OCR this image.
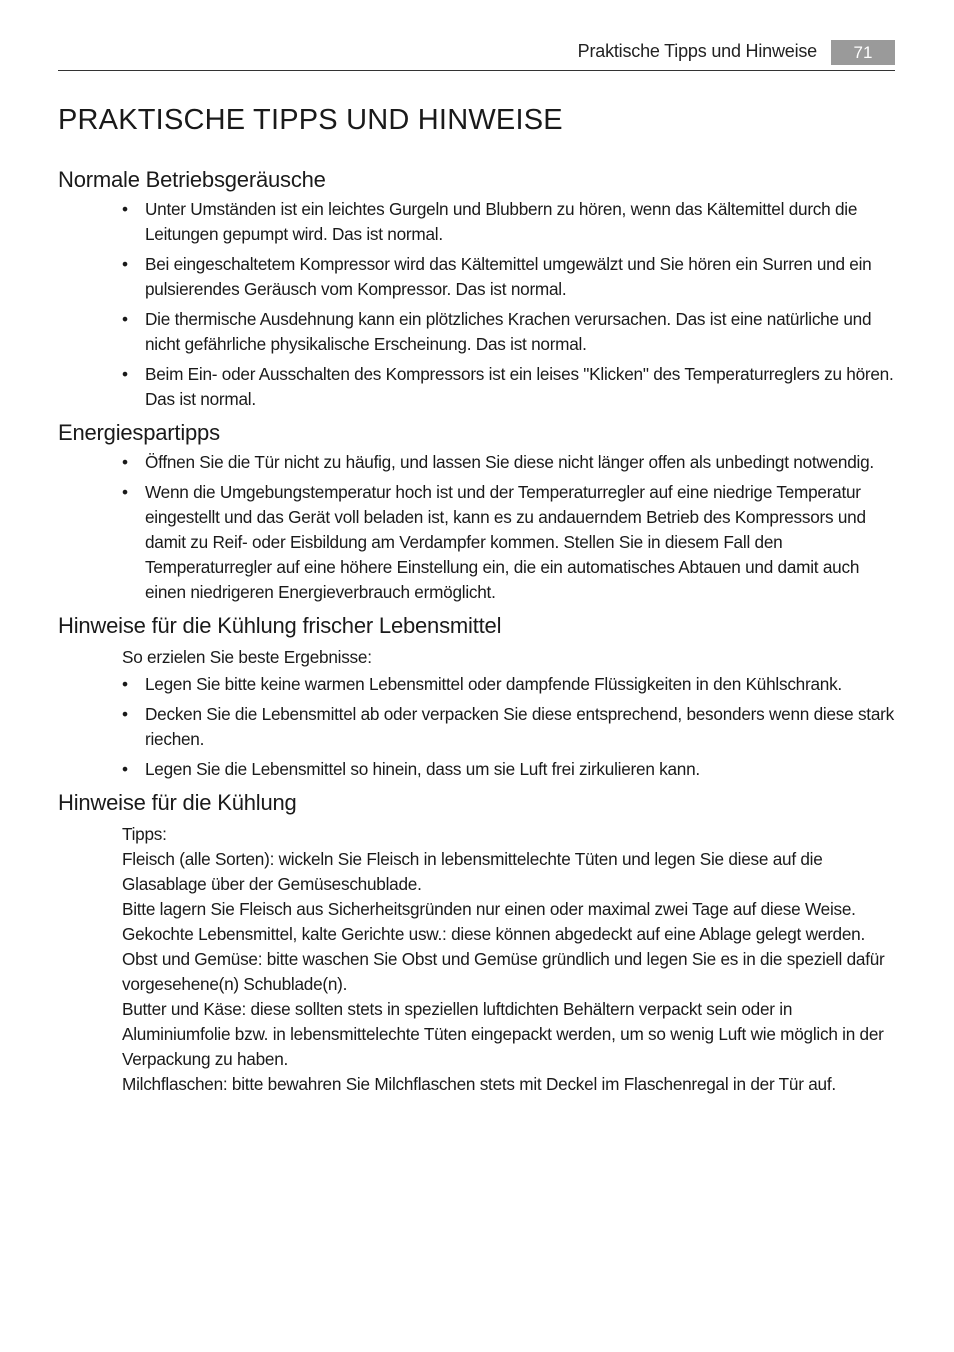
Praktische Tipps und Hinweise	71
PRAKTISCHE TIPPS UND HINWEISE
Normale Betriebsgeräusche
• Unter Umständen ist ein leichtes Gurgeln und Blubbern zu hören, wenn das Kältemittel durch die Leitungen gepumpt wird. Das ist normal.
• Bei eingeschaltetem Kompressor wird das Kältemittel umgewälzt und Sie hören ein Surren und ein pulsierendes Geräusch vom Kompressor. Das ist normal.
• Die thermische Ausdehnung kann ein plötzliches Krachen verursachen. Das ist eine natürliche und nicht gefährliche physikalische Erscheinung. Das ist normal.
• Beim Ein- oder Ausschalten des Kompressors ist ein leises "Klicken" des Temperaturreglers zu hören. Das ist normal.
Energiespartipps
• Öffnen Sie die Tür nicht zu häufig, und lassen Sie diese nicht länger offen als unbedingt notwendig.
• Wenn die Umgebungstemperatur hoch ist und der Temperaturregler auf eine niedrige Temperatur eingestellt und das Gerät voll beladen ist, kann es zu andauerndem Betrieb des Kompressors und damit zu Reif- oder Eisbildung am Verdampfer kommen. Stellen Sie in diesem Fall den Temperaturregler auf eine höhere Einstellung ein, die ein automatisches Abtauen und damit auch einen niedrigeren Energieverbrauch ermöglicht.
Hinweise für die Kühlung frischer Lebensmittel
So erzielen Sie beste Ergebnisse:
• Legen Sie bitte keine warmen Lebensmittel oder dampfende Flüssigkeiten in den Kühlschrank.
• Decken Sie die Lebensmittel ab oder verpacken Sie diese entsprechend, besonders wenn diese stark riechen.
• Legen Sie die Lebensmittel so hinein, dass um sie Luft frei zirkulieren kann.
Hinweise für die Kühlung

Tipps:

Fleisch (alle Sorten): wickeln Sie Fleisch in lebensmittelechte Tüten und legen Sie diese auf die Glasablage über der Gemüseschublade.

Bitte lagern Sie Fleisch aus Sicherheitsgründen nur einen oder maximal zwei Tage auf diese Weise.

Gekochte Lebensmittel, kalte Gerichte usw.: diese können abgedeckt auf eine Ablage gelegt werden.

Obst und Gemüse: bitte waschen Sie Obst und Gemüse gründlich und legen Sie es in die speziell dafür vorgesehene(n) Schublade(n).

Butter und Käse: diese sollten stets in speziellen luftdichten Behältern verpackt sein oder in Aluminiumfolie bzw. in lebensmittelechte Tüten eingepackt werden, um so wenig Luft wie möglich in der Verpackung zu haben.

Milchflaschen: bitte bewahren Sie Milchflaschen stets mit Deckel im Flaschenregal in der Tür auf.
